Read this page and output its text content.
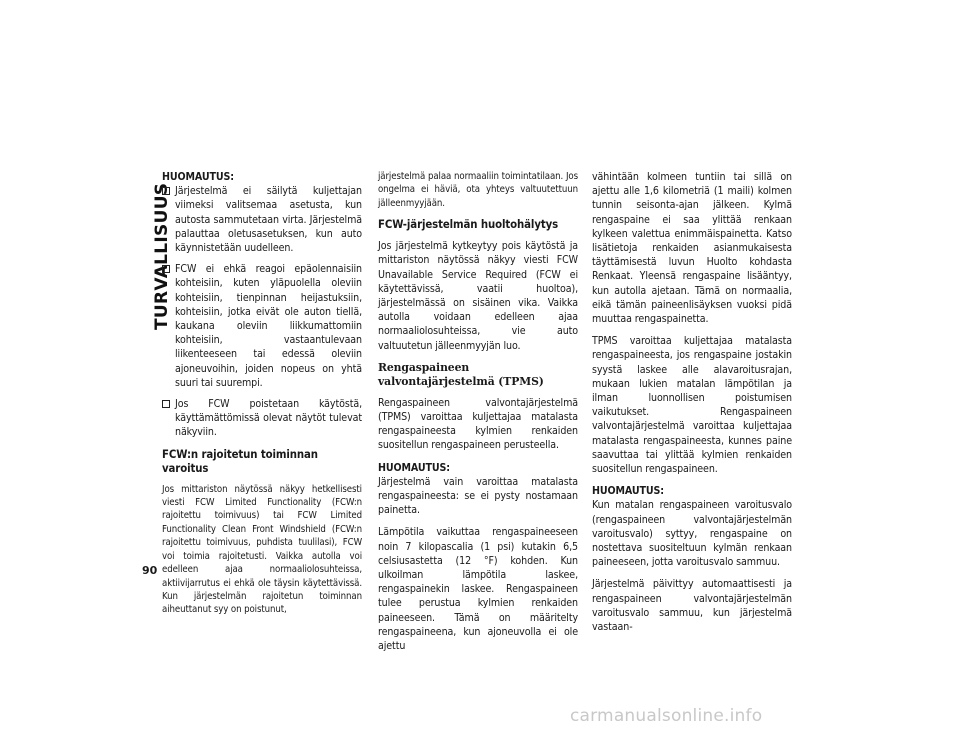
TURVALLISUUS
90

HUOMAUTUS:

Järjestelmä ei säilytä kuljettajan viimeksi valitsemaa asetusta, kun autosta sammutetaan virta. Järjestelmä palauttaa oletusasetuksen, kun auto käynnistetään uudelleen.
FCW ei ehkä reagoi epäolennaisiin kohteisiin, kuten yläpuolella oleviin kohteisiin, tienpinnan heijastuksiin, kohteisiin, jotka eivät ole auton tiellä, kaukana oleviin liikkumattomiin kohteisiin, vastaantulevaan liikenteeseen tai edessä oleviin ajoneuvoihin, joiden nopeus on yhtä suuri tai suurempi.
Jos FCW poistetaan käytöstä, käyttämättömissä olevat näytöt tulevat näkyviin.
FCW:n rajoitetun toiminnan varoitus

Jos mittariston näytössä näkyy hetkellisesti viesti FCW Limited Functionality (FCW:n rajoitettu toimivuus) tai FCW Limited Functionality Clean Front Windshield (FCW:n rajoitettu toimivuus, puhdista tuulilasi), FCW voi toimia rajoitetusti. Vaikka autolla voi edelleen ajaa normaaliolosuhteissa, aktiivijarrutus ei ehkä ole täysin käytettävissä. Kun järjestelmän rajoitetun toiminnan aiheuttanut syy on poistunut,

järjestelmä palaa normaaliin toimintatilaan. Jos ongelma ei häviä, ota yhteys valtuutettuun jälleenmyyjään.

FCW-järjestelmän huoltohälytys

Jos järjestelmä kytkeytyy pois käytöstä ja mittariston näytössä näkyy viesti FCW Unavailable Service Required (FCW ei käytettävissä, vaatii huoltoa), järjestelmässä on sisäinen vika. Vaikka autolla voidaan edelleen ajaa normaaliolosuhteissa, vie auto valtuutetun jälleenmyyjän luo.

Rengaspaineen valvontajärjestelmä (TPMS)

Rengaspaineen valvontajärjestelmä (TPMS) varoittaa kuljettajaa matalasta rengaspaineesta kylmien renkaiden suositellun rengaspaineen perusteella.

HUOMAUTUS:

Järjestelmä vain varoittaa matalasta rengaspaineesta: se ei pysty nostamaan painetta.

Lämpötila vaikuttaa rengaspaineeseen noin 7 kilopascalia (1 psi) kutakin 6,5 celsiusastetta (12 °F) kohden. Kun ulkoilman lämpötila laskee, rengaspainekin laskee. Rengaspaineen tulee perustua kylmien renkaiden paineeseen. Tämä on määritelty rengaspaineena, kun ajoneuvolla ei ole ajettu

vähintään kolmeen tuntiin tai sillä on ajettu alle 1,6 kilometriä (1 maili) kolmen tunnin seisonta-ajan jälkeen. Kylmä rengaspaine ei saa ylittää renkaan kylkeen valettua enimmäispainetta. Katso lisätietoja renkaiden asianmukaisesta täyttämisestä luvun Huolto kohdasta Renkaat. Yleensä rengaspaine lisääntyy, kun autolla ajetaan. Tämä on normaalia, eikä tämän paineenlisäyksen vuoksi pidä muuttaa rengaspainetta.

TPMS varoittaa kuljettajaa matalasta rengaspaineesta, jos rengaspaine jostakin syystä laskee alle alavaroitusrajan, mukaan lukien matalan lämpötilan ja ilman luonnollisen poistumisen vaikutukset. Rengaspaineen valvontajärjestelmä varoittaa kuljettajaa matalasta rengaspaineesta, kunnes paine saavuttaa tai ylittää kylmien renkaiden suositellun rengaspaineen.

HUOMAUTUS:

Kun matalan rengaspaineen varoitusvalo (rengaspaineen valvontajärjestelmän varoitusvalo) syttyy, rengaspaine on nostettava suositeltuun kylmän renkaan paineeseen, jotta varoitusvalo sammuu.

Järjestelmä päivittyy automaattisesti ja rengaspaineen valvontajärjestelmän varoitusvalo sammuu, kun järjestelmä vastaan-

carmanualsonline.info
